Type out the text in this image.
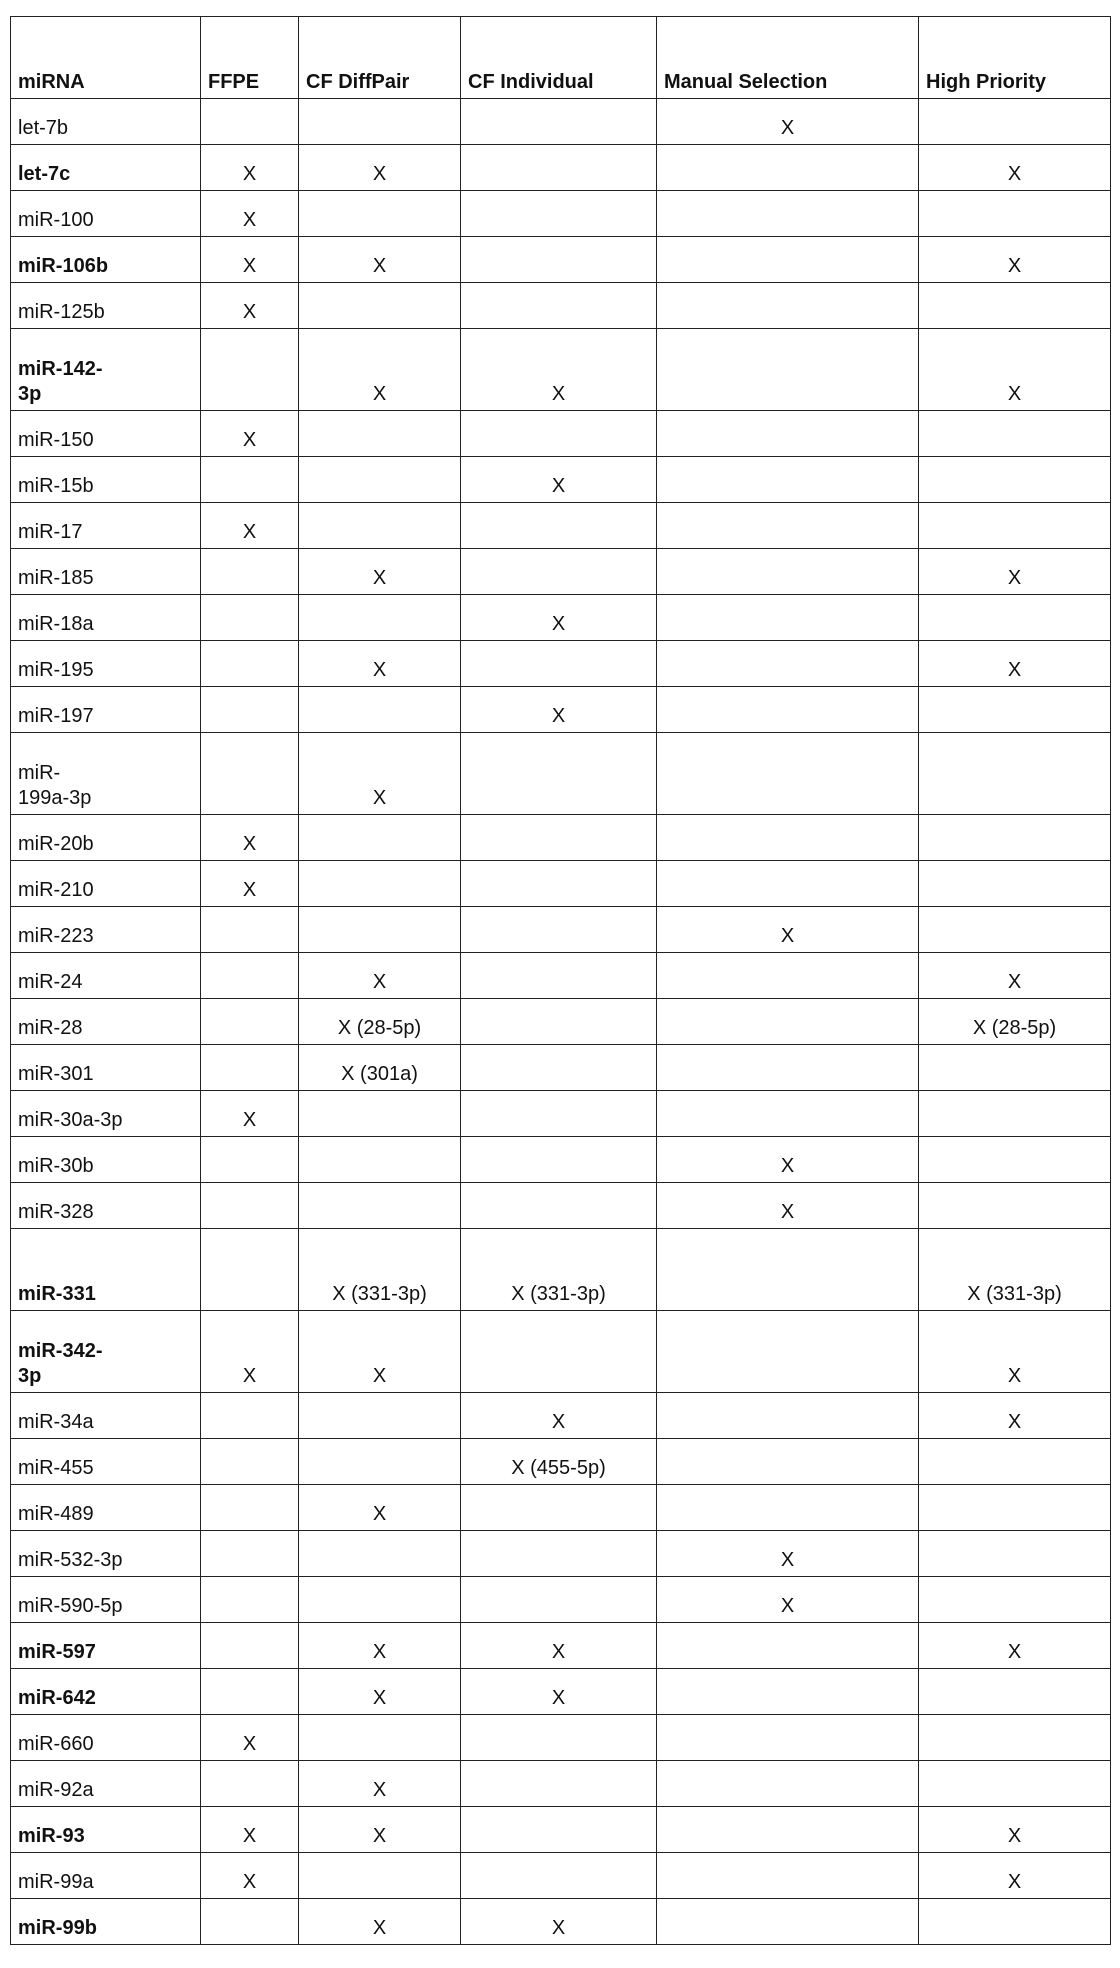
miRNA	FFPE	CF DiffPair	CF Individual	Manual Selection	High Priority
let-7b				X	
let-7c	X	X			X
miR-100	X				
miR-106b	X	X			X
miR-125b	X				
miR-142-3p		X	X		X
miR-150	X				
miR-15b			X		
miR-17	X				
miR-185		X			X
miR-18a			X		
miR-195		X			X
miR-197			X		
miR-199a-3p		X			
miR-20b	X				
miR-210	X				
miR-223				X	
miR-24		X			X
miR-28		X (28-5p)			X (28-5p)
miR-301		X (301a)			
miR-30a-3p	X				
miR-30b				X	
miR-328				X	
miR-331		X (331-3p)	X (331-3p)		X (331-3p)
miR-342-3p	X	X			X
miR-34a			X		X
miR-455			X (455-5p)		
miR-489		X			
miR-532-3p				X	
miR-590-5p				X	
miR-597		X	X		X
miR-642		X	X		
miR-660	X				
miR-92a		X			
miR-93	X	X			X
miR-99a	X				X
miR-99b		X	X		
